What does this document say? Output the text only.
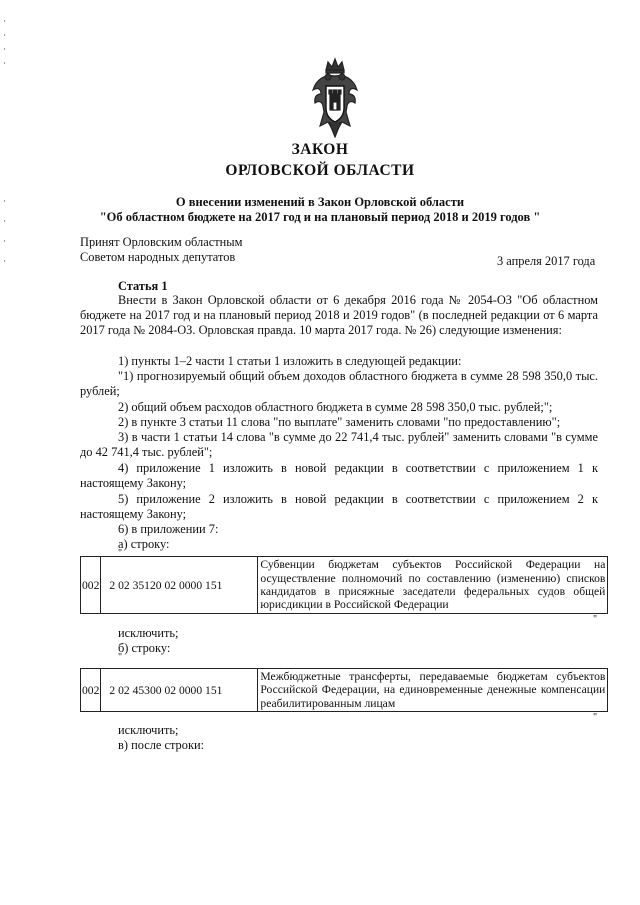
ЗАКОН
ОРЛОВСКОЙ ОБЛАСТИ
О внесении изменений в Закон Орловской области
"Об областном бюджете на 2017 год и на плановый период 2018 и 2019 годов "
Принят Орловским областным
Советом народных депутатов	3 апреля 2017 года
Статья 1
Внести в Закон Орловской области от 6 декабря 2016 года № 2054-ОЗ "Об областном бюджете на 2017 год и на плановый период 2018 и 2019 годов" (в последней редакции от 6 марта 2017 года № 2084-ОЗ. Орловская правда. 10 марта 2017 года. № 26) следующие изменения:
1) пункты 1–2 части 1 статьи 1 изложить в следующей редакции:
"1) прогнозируемый общий объем доходов областного бюджета в сумме 28 598 350,0 тыс. рублей;
2) общий объем расходов областного бюджета в сумме 28 598 350,0 тыс. рублей;";
2) в пункте 3 статьи 11 слова "по выплате" заменить словами "по предоставлению";
3) в части 1 статьи 14 слова "в сумме до 22 741,4 тыс. рублей" заменить словами "в сумме до 42 741,4 тыс. рублей";
4) приложение 1 изложить в новой редакции в соответствии с приложением 1 к настоящему Закону;
5) приложение 2 изложить в новой редакции в соответствии с приложением 2 к настоящему Закону;
6) в приложении 7:
а) строку:
"
002	2 02 35120 02 0000 151	Субвенции бюджетам субъектов Российской Федерации на осуществление полномочий по составлению (изменению) списков кандидатов в присяжные заседатели федеральных судов общей юрисдикции в Российской Федерации
"
исключить;
б) строку:
"
002	2 02 45300 02 0000 151	Межбюджетные трансферты, передаваемые бюджетам субъектов Российской Федерации, на единовременные денежные компенсации реабилитированным лицам
"
исключить;
в) после строки:
